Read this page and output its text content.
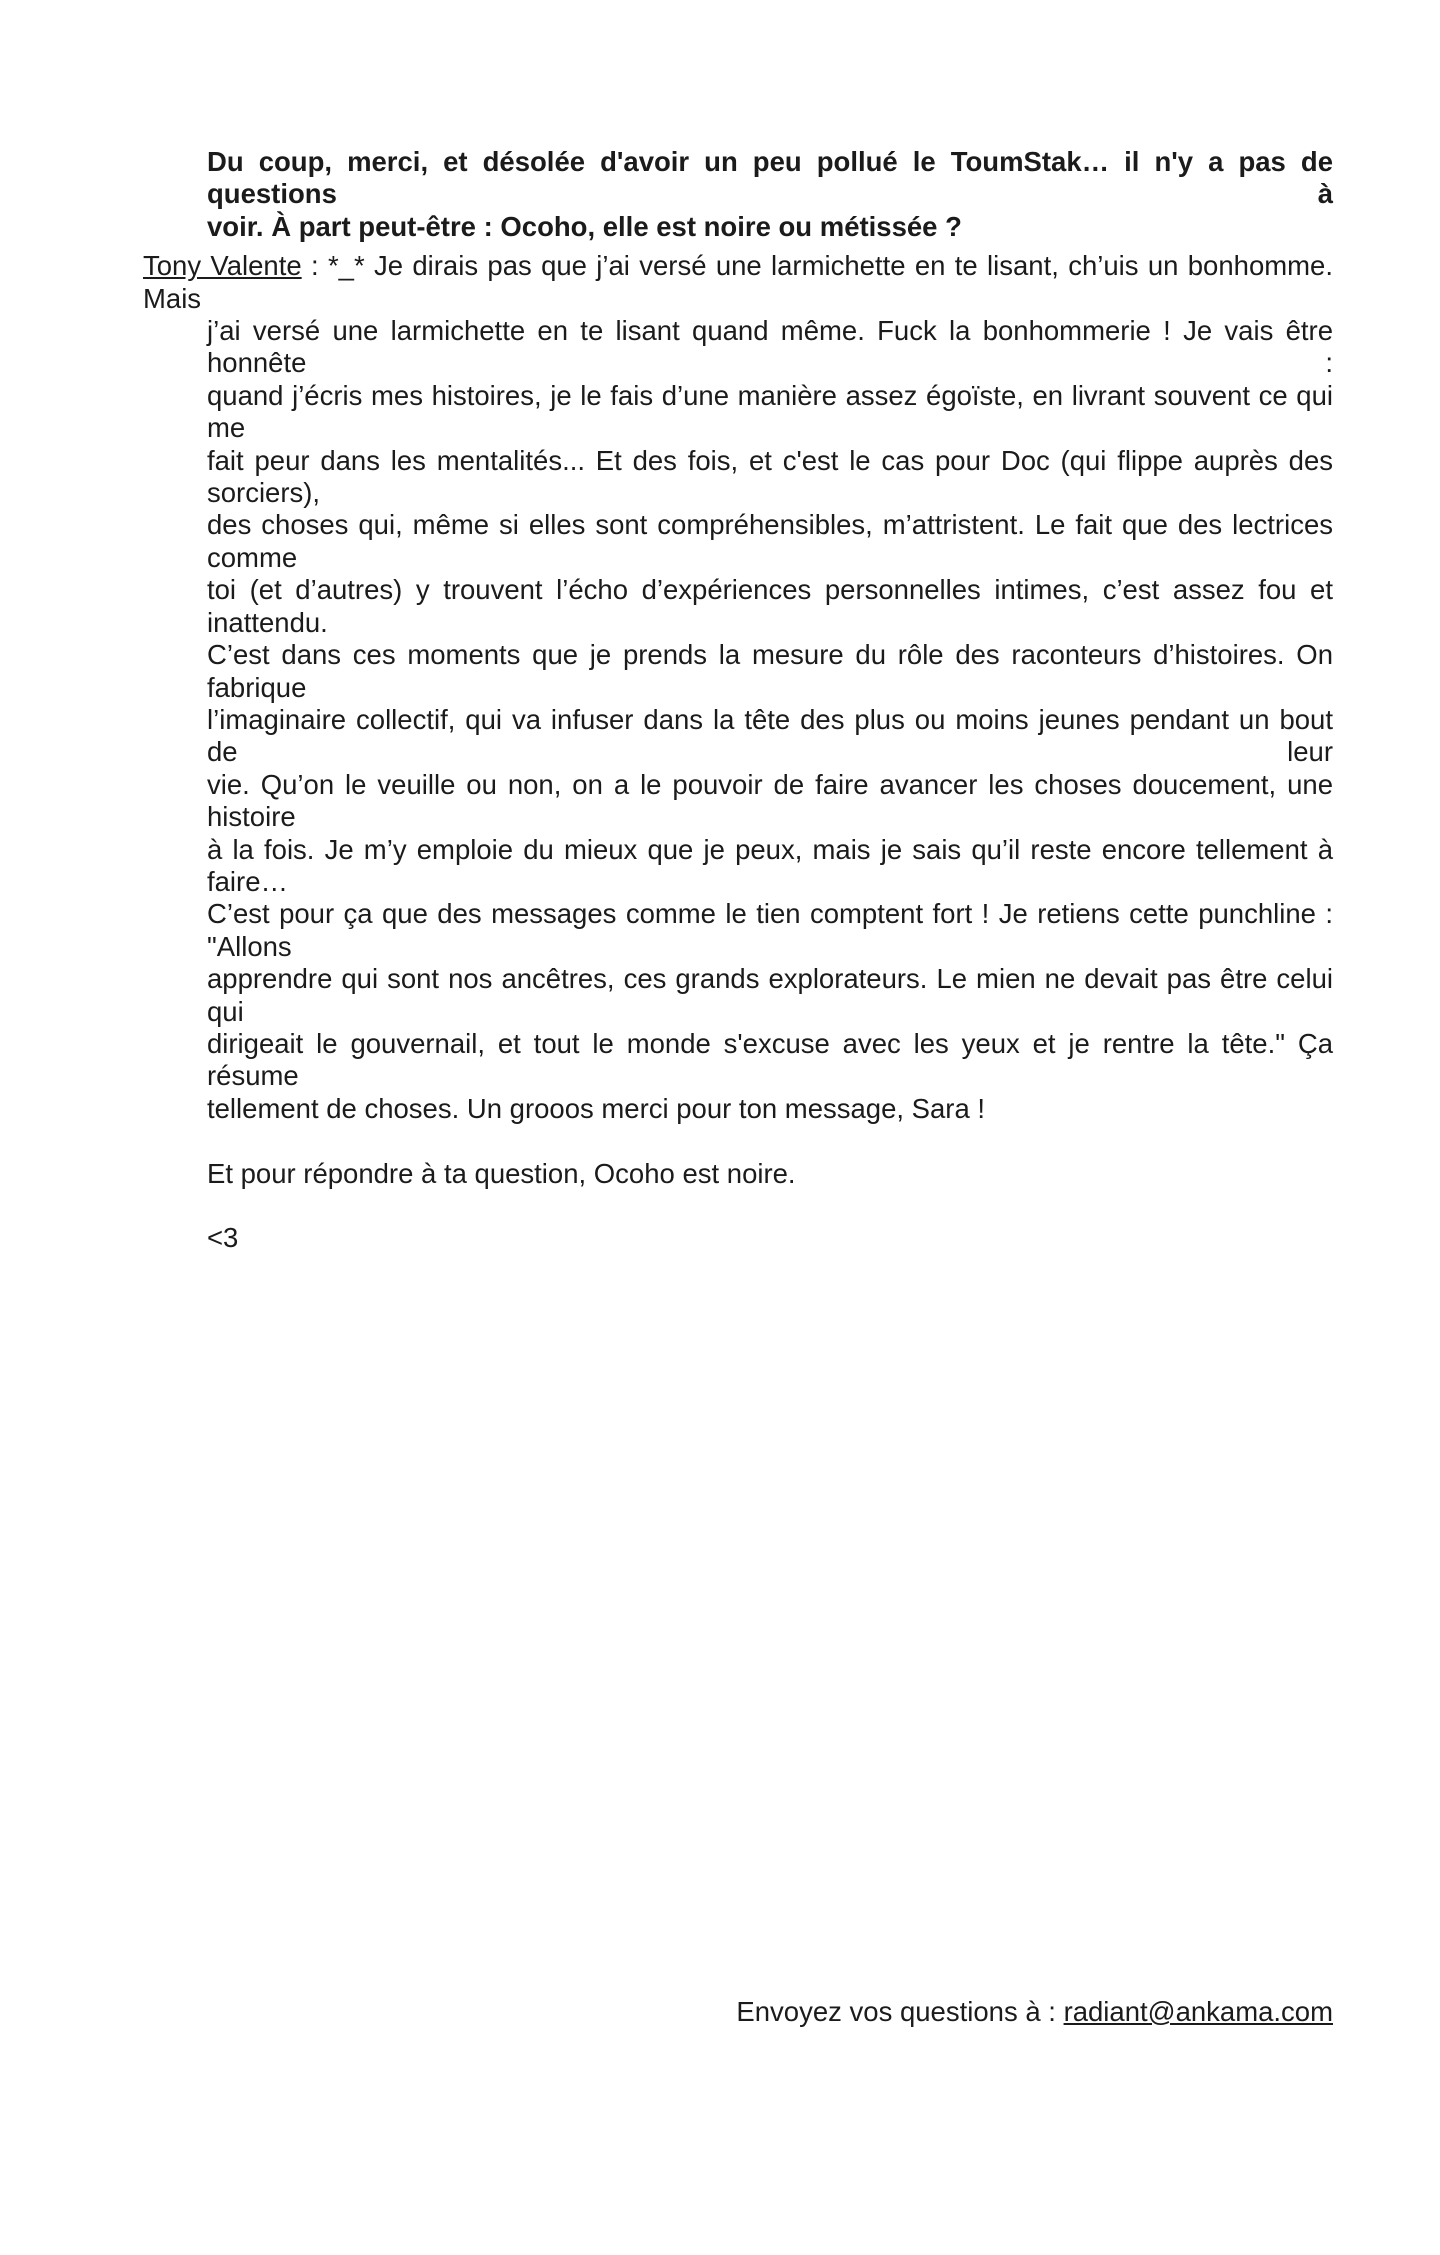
Du coup, merci, et désolée d'avoir un peu pollué le ToumStak… il n'y a pas de questions à
voir. À part peut-être : Ocoho, elle est noire ou métissée ?
Tony Valente : *_* Je dirais pas que j’ai versé une larmichette en te lisant, ch’uis un bonhomme. Mais
j’ai versé une larmichette en te lisant quand même. Fuck la bonhommerie ! Je vais être honnête :
quand j’écris mes histoires, je le fais d’une manière assez égoïste, en livrant souvent ce qui me
fait peur dans les mentalités... Et des fois, et c'est le cas pour Doc (qui flippe auprès des sorciers),
des choses qui, même si elles sont compréhensibles, m’attristent. Le fait que des lectrices comme
toi (et d’autres) y trouvent l’écho d’expériences personnelles intimes, c’est assez fou et inattendu.
C’est dans ces moments que je prends la mesure du rôle des raconteurs d’histoires. On fabrique
l’imaginaire collectif, qui va infuser dans la tête des plus ou moins jeunes pendant un bout de leur
vie. Qu’on le veuille ou non, on a le pouvoir de faire avancer les choses doucement, une histoire
à la fois. Je m’y emploie du mieux que je peux, mais je sais qu’il reste encore tellement à faire…
C’est pour ça que des messages comme le tien comptent fort ! Je retiens cette punchline : "Allons
apprendre qui sont nos ancêtres, ces grands explorateurs. Le mien ne devait pas être celui qui
dirigeait le gouvernail, et tout le monde s'excuse avec les yeux et je rentre la tête." Ça résume
tellement de choses. Un grooos merci pour ton message, Sara !
Et pour répondre à ta question, Ocoho est noire.
<3
Envoyez vos questions à : radiant@ankama.com
